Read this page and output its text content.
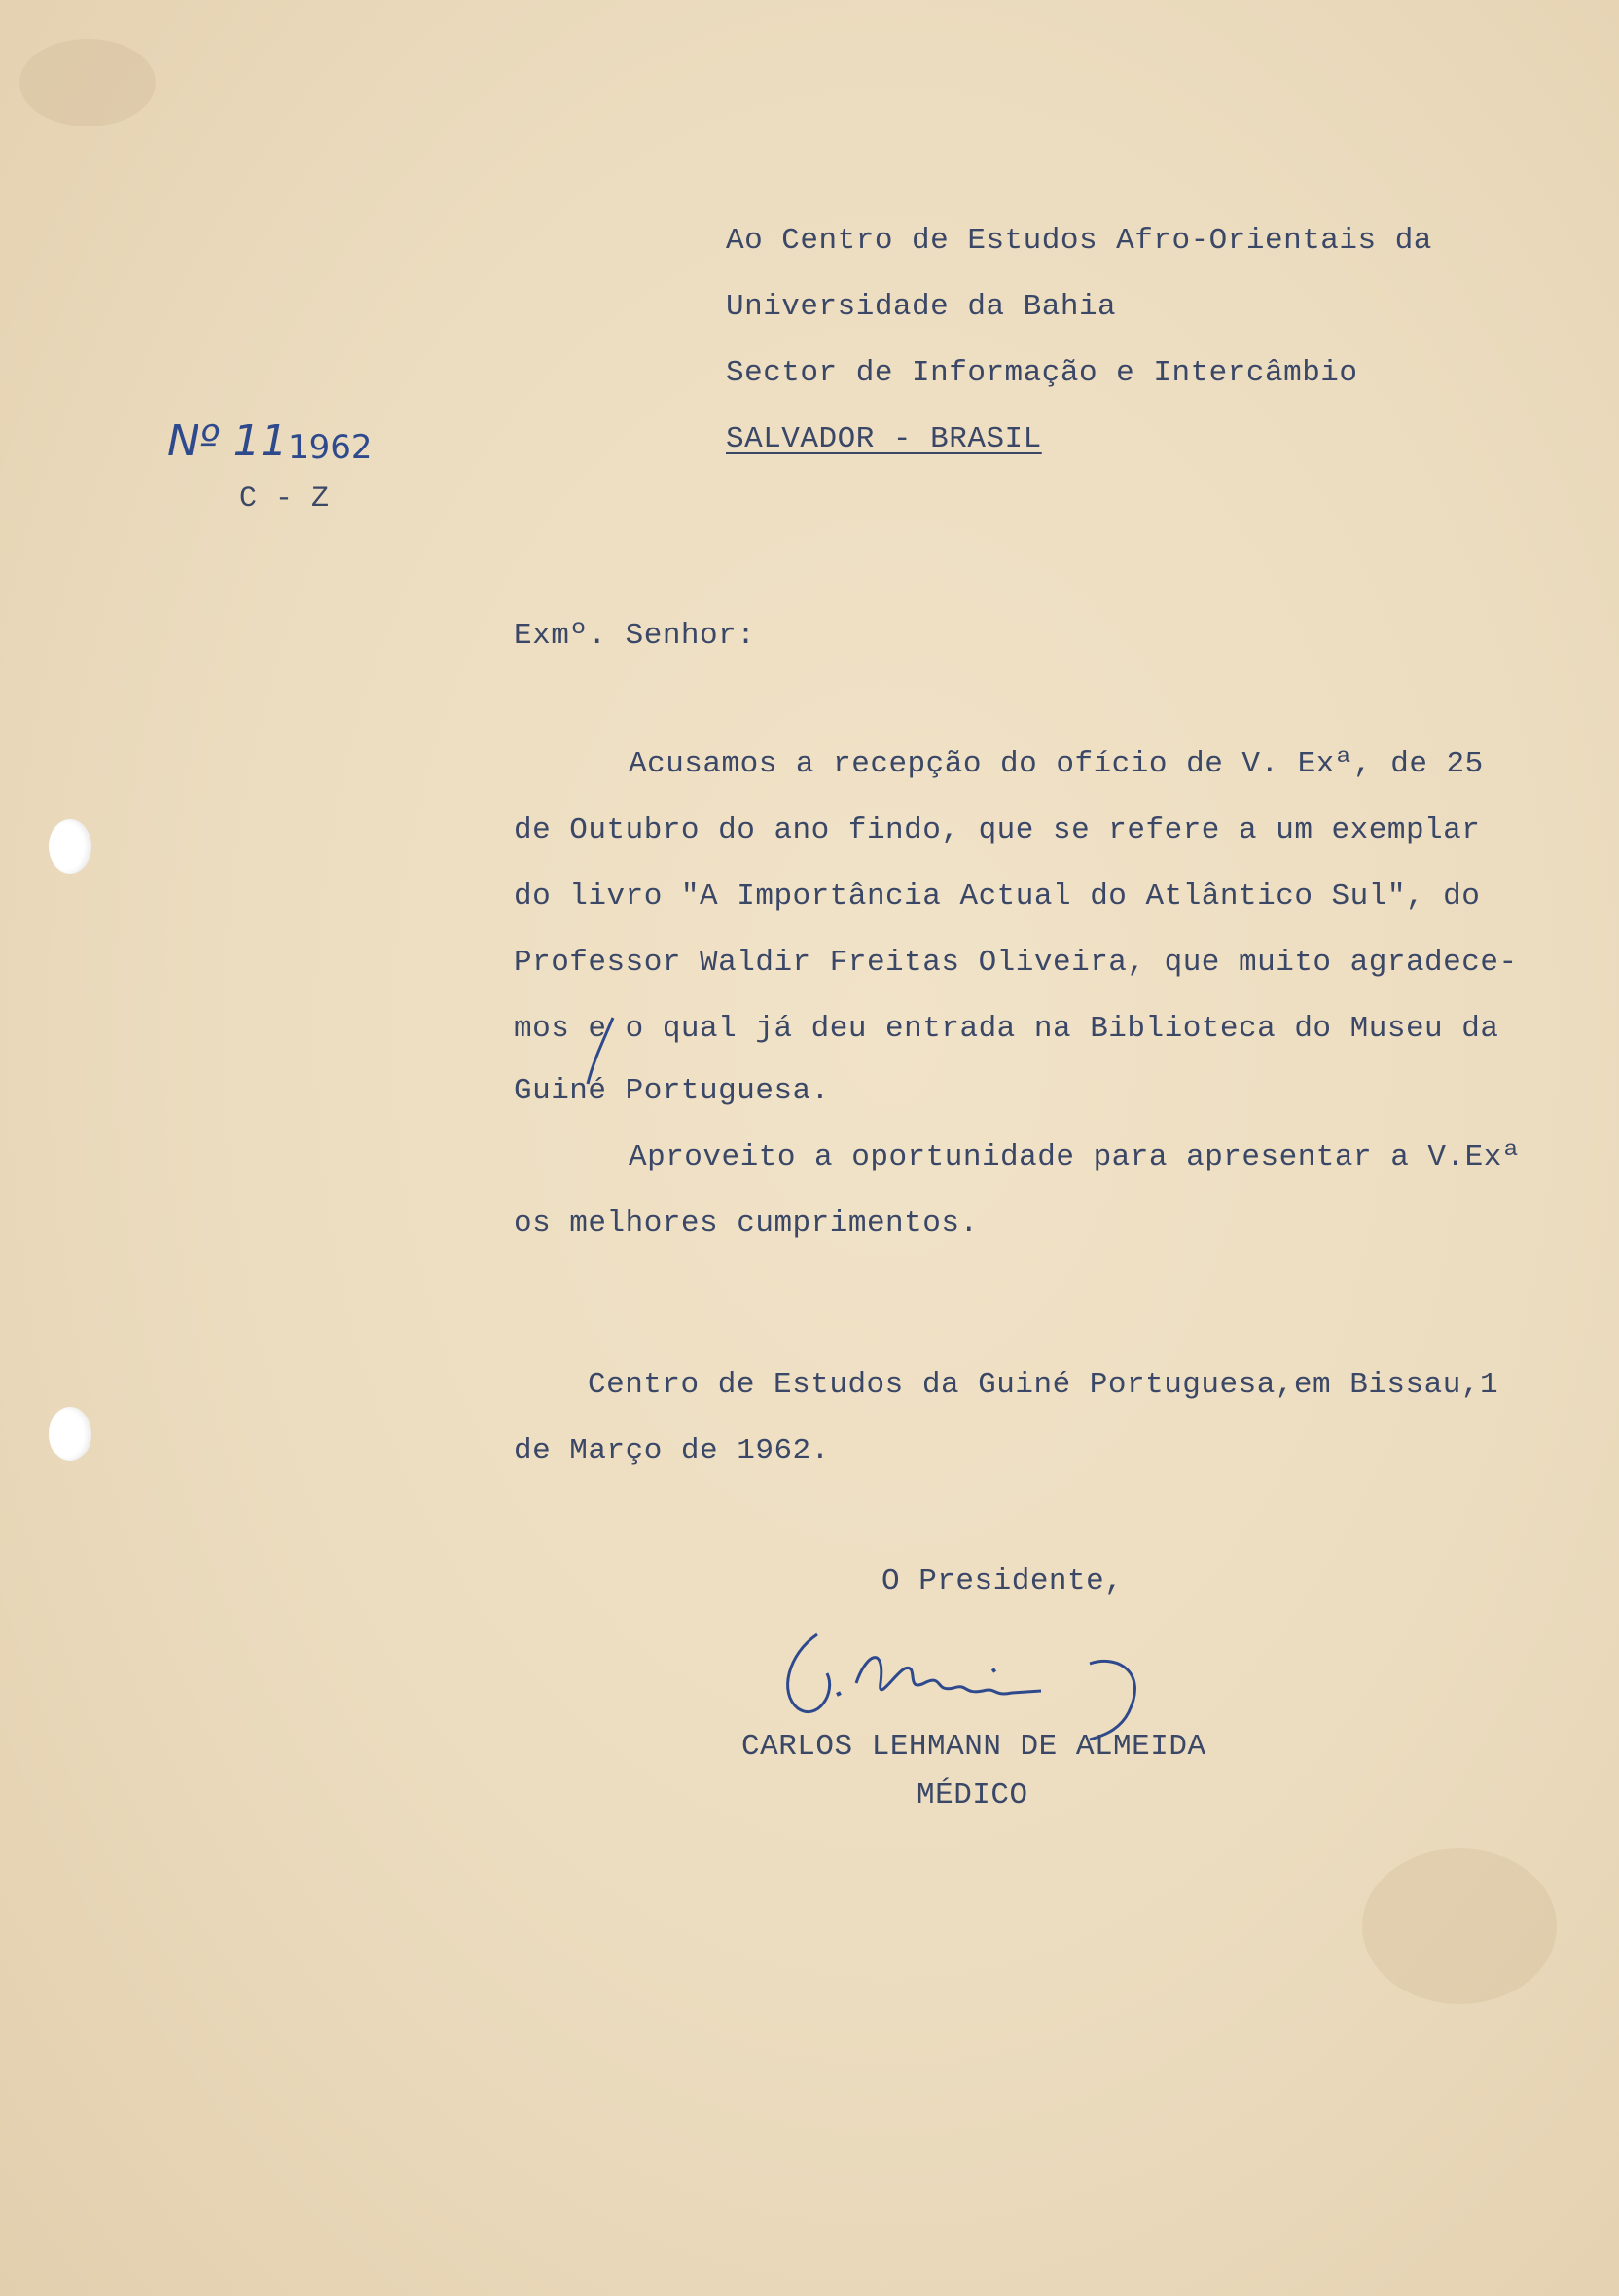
Ao Centro de Estudos Afro-Orientais da
Universidade da Bahia
Sector de Informação e Intercâmbio
SALVADOR - BRASIL
Nº 11 1962
C - Z
Exmº. Senhor:
Acusamos a recepção do ofício de V. Exª, de 25
de Outubro do ano findo, que se refere a um exemplar
do livro "A Importância Actual do Atlântico Sul", do
Professor Waldir Freitas Oliveira, que muito agradece-
mos e o qual já deu entrada na Biblioteca do Museu da
Guiné Portuguesa.
Aproveito a oportunidade para apresentar a V.Exª
os melhores cumprimentos.
Centro de Estudos da Guiné Portuguesa,em Bissau,1
de Março de 1962.
O Presidente,
CARLOS LEHMANN DE ALMEIDA
MÉDICO
